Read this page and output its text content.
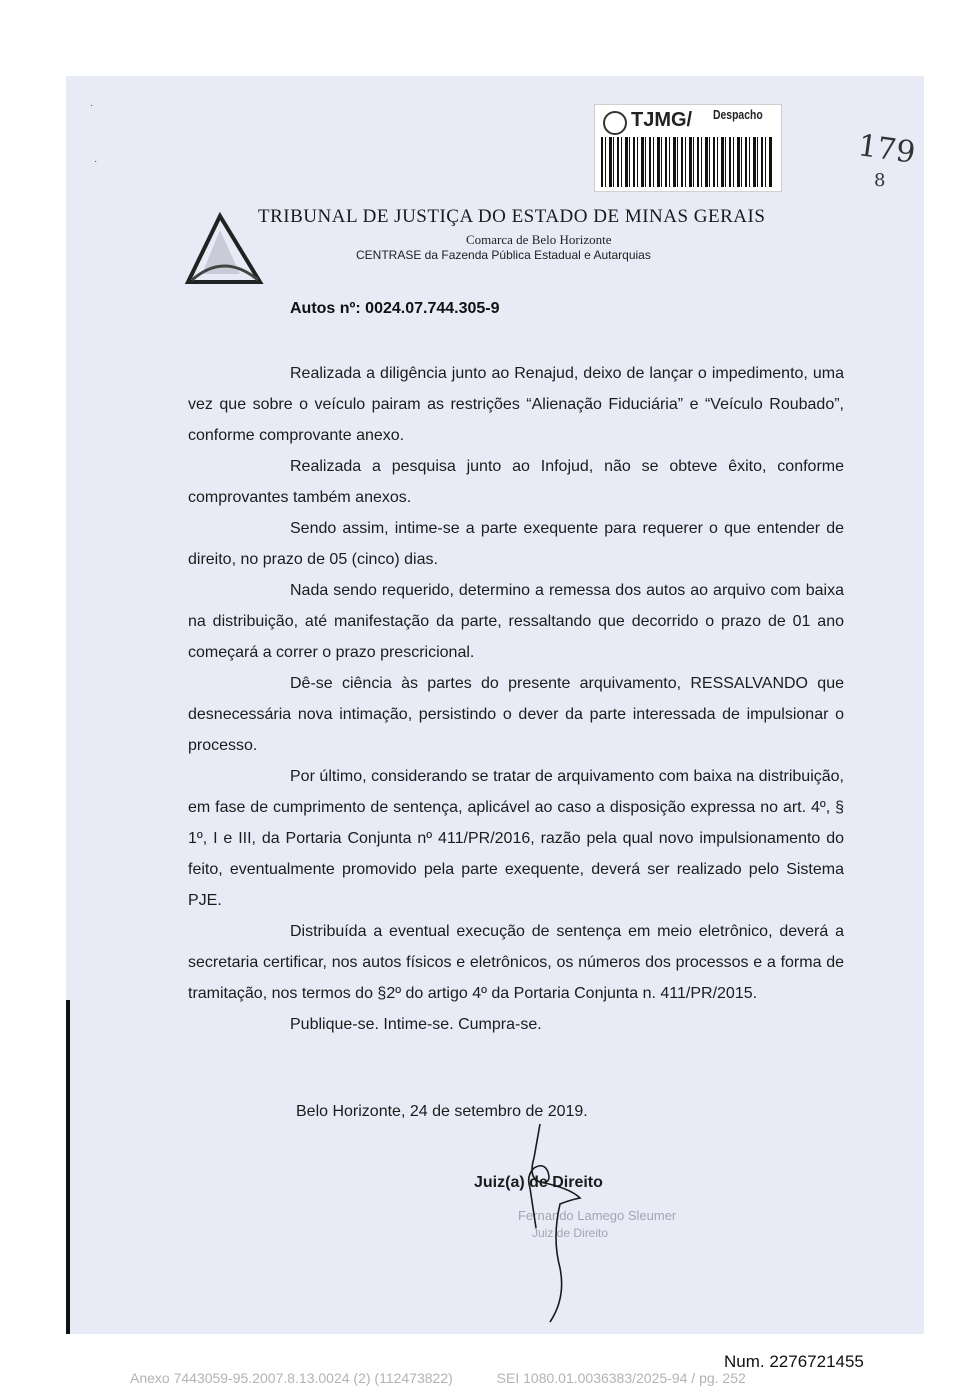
·
·
TJMG/ Despacho
179
8
TRIBUNAL DE JUSTIÇA DO ESTADO DE MINAS GERAIS
Comarca de Belo Horizonte
CENTRASE da Fazenda Pública Estadual e Autarquias
Autos nº: 0024.07.744.305-9

Realizada a diligência junto ao Renajud, deixo de lançar o impedimento, uma vez que sobre o veículo pairam as restrições “Alienação Fiduciária” e “Veículo Roubado”, conforme comprovante anexo.

Realizada a pesquisa junto ao Infojud, não se obteve êxito, conforme comprovantes também anexos.

Sendo assim, intime-se a parte exequente para requerer o que entender de direito, no prazo de 05 (cinco) dias.

Nada sendo requerido, determino a remessa dos autos ao arquivo com baixa na distribuição, até manifestação da parte, ressaltando que decorrido o prazo de 01 ano começará a correr o prazo prescricional.

Dê-se ciência às partes do presente arquivamento, RESSALVANDO que desnecessária nova intimação, persistindo o dever da parte interessada de impulsionar o processo.

Por último, considerando se tratar de arquivamento com baixa na distribuição, em fase de cumprimento de sentença, aplicável ao caso a disposição expressa no art. 4º, § 1º, I e III, da Portaria Conjunta nº 411/PR/2016, razão pela qual novo impulsionamento do feito, eventualmente promovido pela parte exequente, deverá ser realizado pelo Sistema PJE.

Distribuída a eventual execução de sentença em meio eletrônico, deverá a secretaria certificar, nos autos físicos e eletrônicos, os números dos processos e a forma de tramitação, nos termos do §2º do artigo 4º da Portaria Conjunta n. 411/PR/2015.

Publique-se. Intime-se. Cumpra-se.

Belo Horizonte, 24 de setembro de 2019.
Juiz(a) de Direito
Fernando Lamego Sleumer
Juiz de Direito
Num. 2276721455
Anexo 7443059-95.2007.8.13.0024 (2) (112473822)	SEI 1080.01.0036383/2025-94 / pg. 252
